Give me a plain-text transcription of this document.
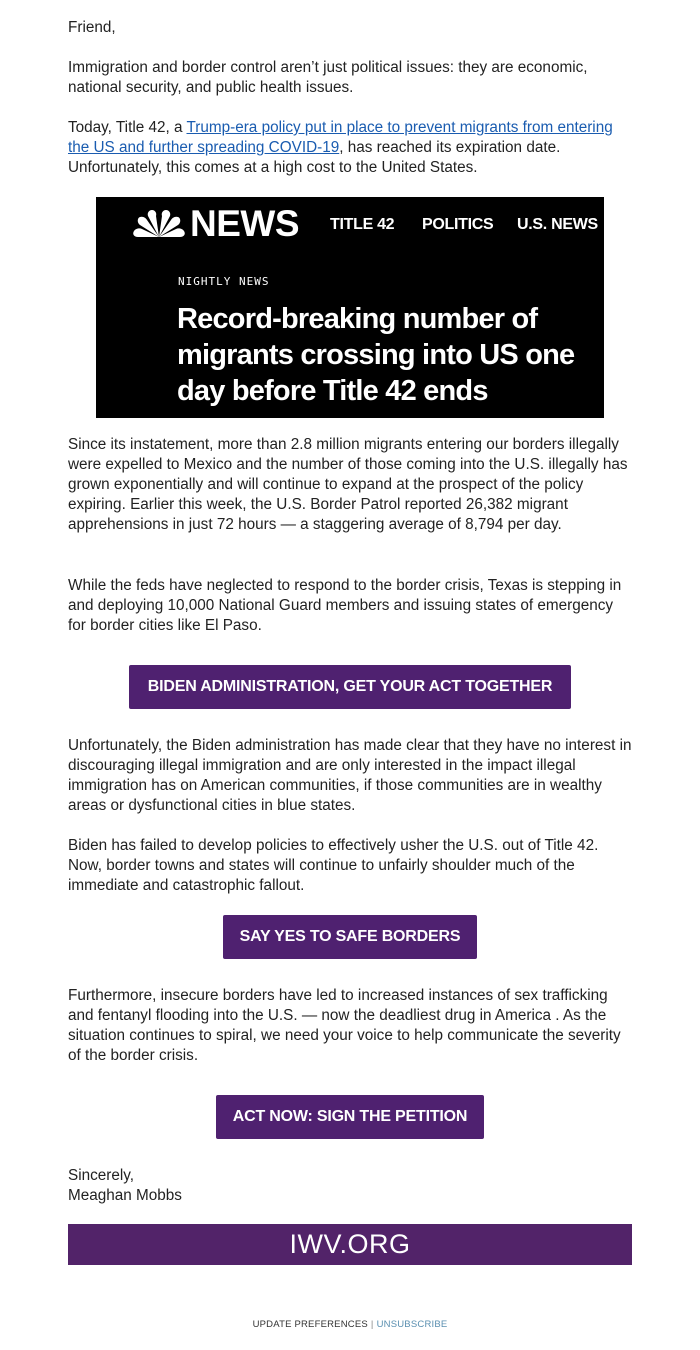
Friend,

Immigration and border control aren’t just political issues: they are economic, national security, and public health issues.

Today, Title 42, a Trump-era policy put in place to prevent migrants from entering the US and further spreading COVID-19, has reached its expiration date. Unfortunately, this comes at a high cost to the United States.

Since its instatement, more than 2.8 million migrants entering our borders illegally were expelled to Mexico and the number of those coming into the U.S. illegally has grown exponentially and will continue to expand at the prospect of the policy expiring. Earlier this week, the U.S. Border Patrol reported 26,382 migrant apprehensions in just 72 hours — a staggering average of 8,794 per day.

While the feds have neglected to respond to the border crisis, Texas is stepping in and deploying 10,000 National Guard members and issuing states of emergency for border cities like El Paso.

Unfortunately, the Biden administration has made clear that they have no interest in discouraging illegal immigration and are only interested in the impact illegal immigration has on American communities, if those communities are in wealthy areas or dysfunctional cities in blue states.

Biden has failed to develop policies to effectively usher the U.S. out of Title 42. Now, border towns and states will continue to unfairly shoulder much of the immediate and catastrophic fallout.

Furthermore, insecure borders have led to increased instances of sex trafficking and fentanyl flooding into the U.S. — now the deadliest drug in America . As the situation continues to spiral, we need your voice to help communicate the severity of the border crisis.

Sincerely,
Meaghan Mobbs

NEWS TITLE 42 POLITICS U.S. NEWS
NIGHTLY NEWS
Record-breaking number of migrants crossing into US one day before Title 42 ends
BIDEN ADMINISTRATION, GET YOUR ACT TOGETHER
SAY YES TO SAFE BORDERS
ACT NOW: SIGN THE PETITION
IWV.ORG
UPDATE PREFERENCES | UNSUBSCRIBE
